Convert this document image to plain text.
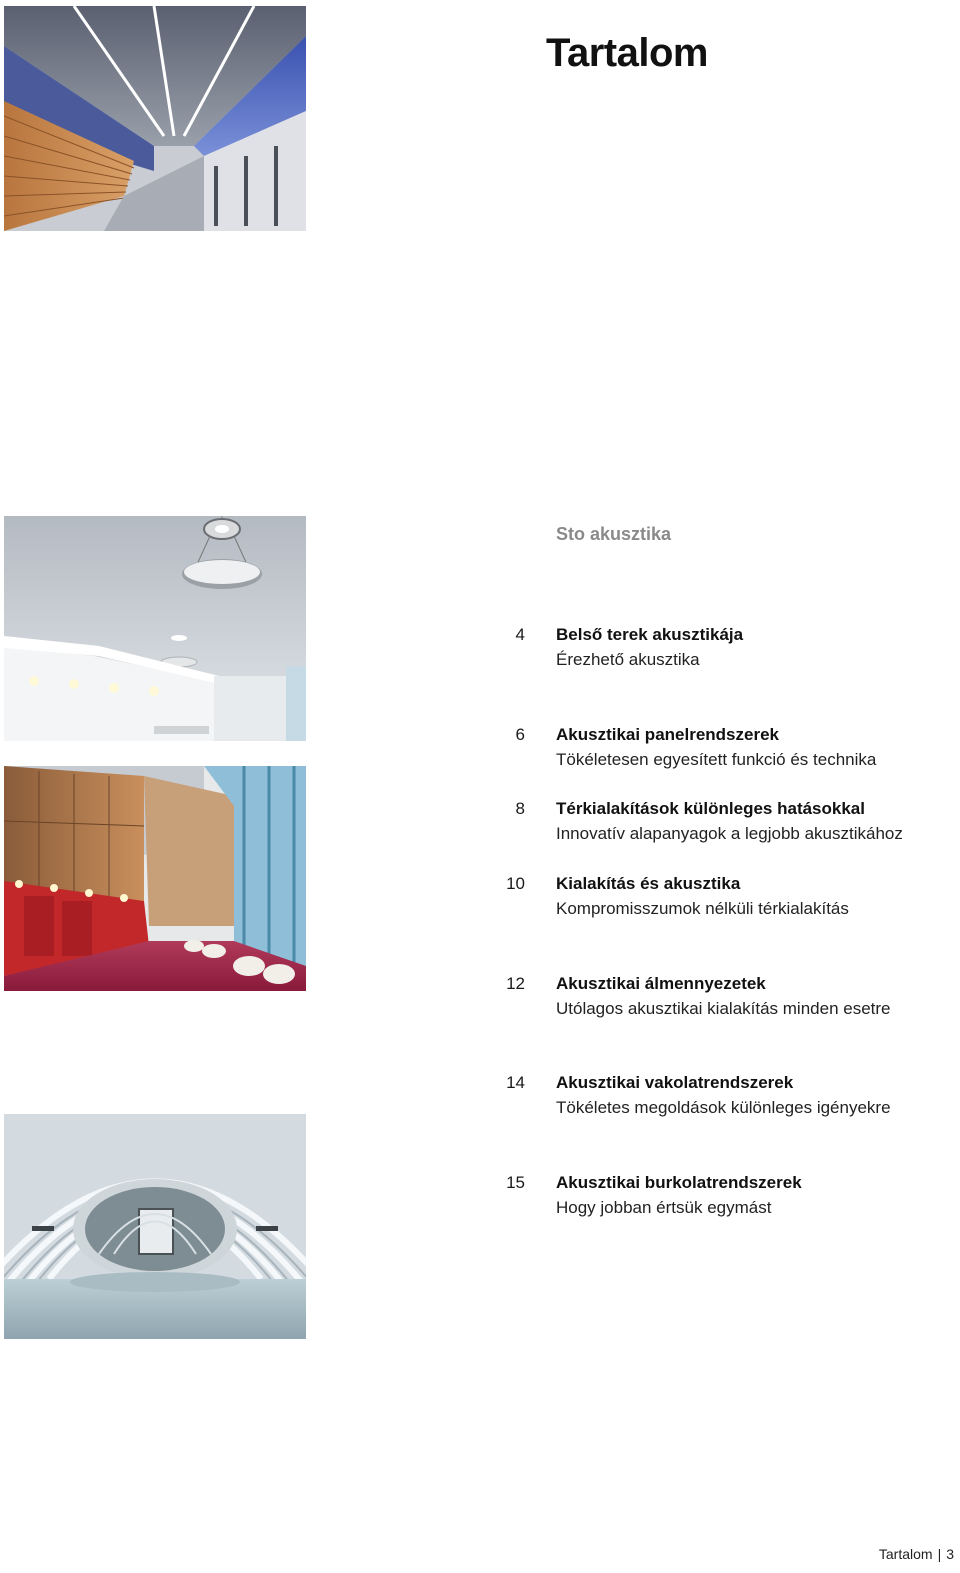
Tartalom
Sto akusztika
4 Belső terek akusztikája
Érezhető akusztika
6 Akusztikai panelrendszerek
Tökéletesen egyesített funkció és technika
8 Térkialakítások különleges hatásokkal
Innovatív alapanyagok a legjobb akusztikához
10 Kialakítás és akusztika
Kompromisszumok nélküli térkialakítás
12 Akusztikai álmennyezetek
Utólagos akusztikai kialakítás minden esetre
14 Akusztikai vakolatrendszerek
Tökéletes megoldások különleges igényekre
15 Akusztikai burkolatrendszerek
Hogy jobban értsük egymást
Tartalom | 3
